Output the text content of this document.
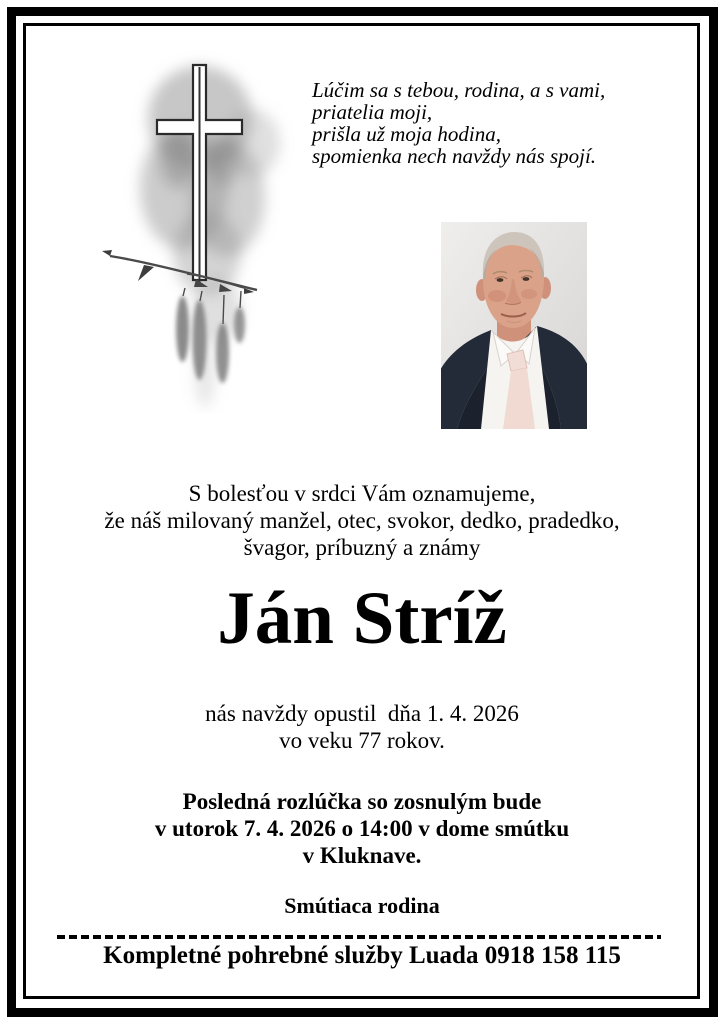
Lúčim sa s tebou, rodina, a s vami,
priatelia moji,
prišla už moja hodina,
spomienka nech navždy nás spojí.
S bolesťou v srdci Vám oznamujeme,
že náš milovaný manžel, otec, svokor, dedko, pradedko,
švagor, príbuzný a známy
Ján Stríž
nás navždy opustil  dňa 1. 4. 2026
vo veku 77 rokov.
Posledná rozlúčka so zosnulým bude
v utorok 7. 4. 2026 o 14:00 v dome smútku
v Kluknave.
Smútiaca rodina
Kompletné pohrebné služby Luada 0918 158 115
